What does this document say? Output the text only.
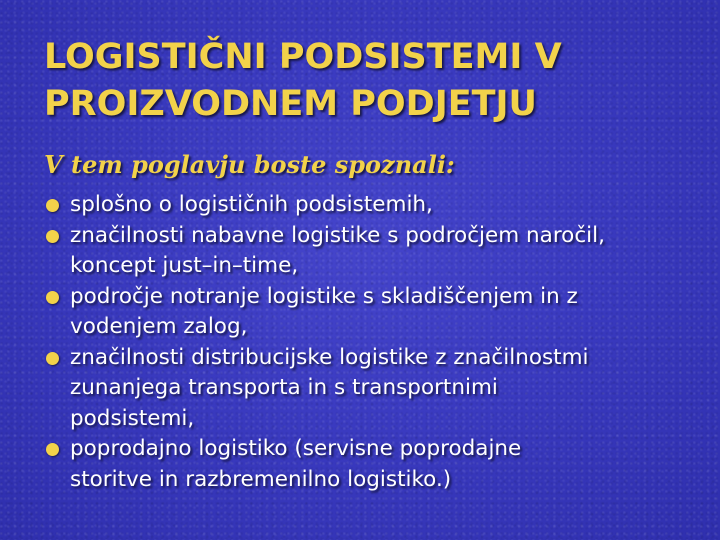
LOGISTIČNI PODSISTEMI V
PROIZVODNEM PODJETJU

V tem poglavju boste spoznali:

splošno o logističnih podsistemih,
značilnosti nabavne logistike s področjem naročil,
koncept just–in–time,
področje notranje logistike s skladiščenjem in z
vodenjem zalog,
značilnosti distribucijske logistike z značilnostmi
zunanjega transporta in s transportnimi
podsistemi,
poprodajno logistiko (servisne poprodajne
storitve in razbremenilno logistiko.)
